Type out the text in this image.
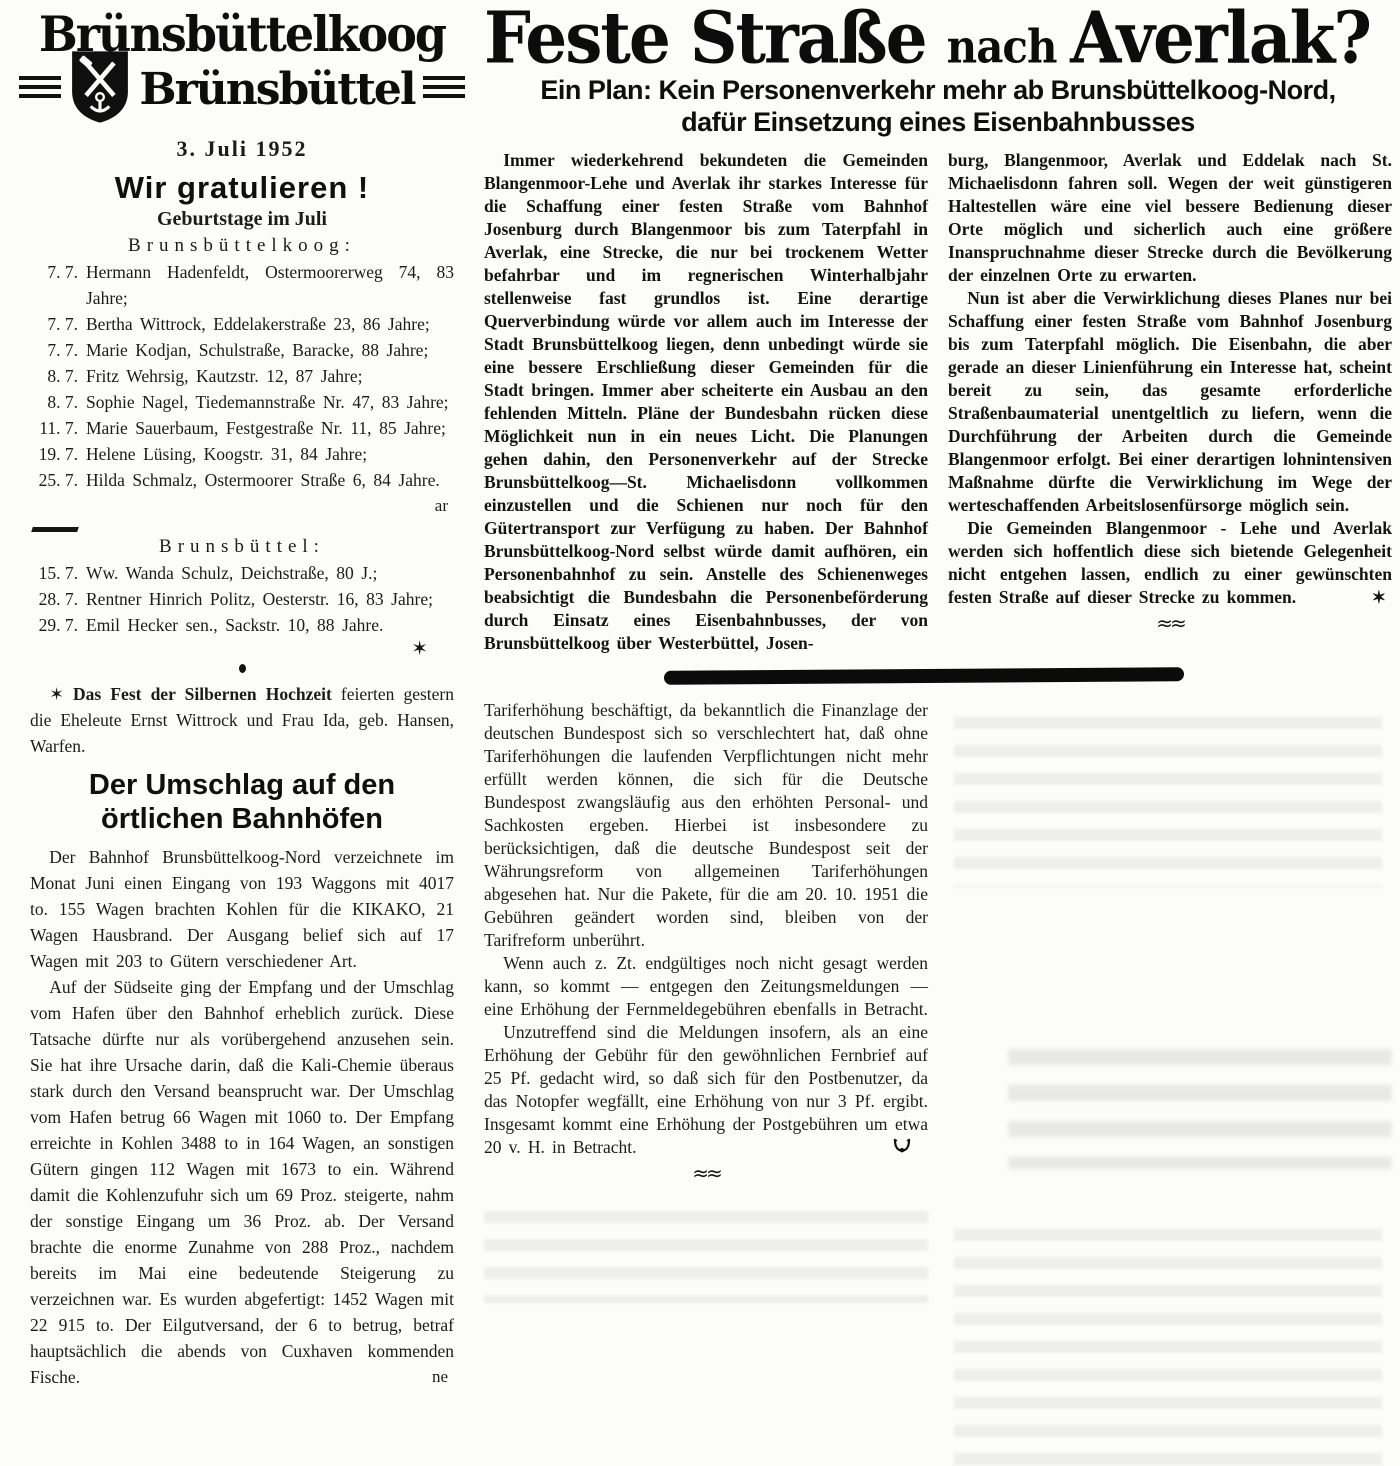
Brünsbüttelkoog
Brünsbüttel
3. Juli 1952
Wir gratulieren !
Geburtstage im Juli
Brunsbüttelkoog:
7. 7. Hermann Hadenfeldt, Ostermoorerweg 74, 83 Jahre;
7. 7. Bertha Wittrock, Eddelakerstraße 23, 86 Jahre;
7. 7. Marie Kodjan, Schulstraße, Baracke, 88 Jahre;
8. 7. Fritz Wehrsig, Kautzstr. 12, 87 Jahre;
8. 7. Sophie Nagel, Tiedemannstraße Nr. 47, 83 Jahre;
11. 7. Marie Sauerbaum, Festgestraße Nr. 11, 85 Jahre;
19. 7. Helene Lüsing, Koogstr. 31, 84 Jahre;
25. 7. Hilda Schmalz, Ostermoorer Straße 6, 84 Jahre.
ar
Brunsbüttel:
15. 7. Ww. Wanda Schulz, Deichstraße, 80 J.;
28. 7. Rentner Hinrich Politz, Oesterstr. 16, 83 Jahre;
29. 7. Emil Hecker sen., Sackstr. 10, 88 Jahre.
✶

✶ Das Fest der Silbernen Hochzeit feierten gestern die Eheleute Ernst Wittrock und Frau Ida, geb. Hansen, Warfen.

Der Umschlag auf den
örtlichen Bahnhöfen

Der Bahnhof Brunsbüttelkoog-Nord verzeichnete im Monat Juni einen Eingang von 193 Waggons mit 4017 to. 155 Wagen brachten Kohlen für die KIKAKO, 21 Wagen Hausbrand. Der Ausgang belief sich auf 17 Wagen mit 203 to Gütern verschiedener Art.

Auf der Südseite ging der Empfang und der Umschlag vom Hafen über den Bahnhof erheblich zurück. Diese Tatsache dürfte nur als vorübergehend anzusehen sein. Sie hat ihre Ursache darin, daß die Kali-Chemie überaus stark durch den Versand beansprucht war. Der Umschlag vom Hafen betrug 66 Wagen mit 1060 to. Der Empfang erreichte in Kohlen 3488 to in 164 Wagen, an sonstigen Gütern gingen 112 Wagen mit 1673 to ein. Während damit die Kohlenzufuhr sich um 69 Proz. steigerte, nahm der sonstige Eingang um 36 Proz. ab. Der Versand brachte die enorme Zunahme von 288 Proz., nachdem bereits im Mai eine bedeutende Steigerung zu verzeichnen war. Es wurden abgefertigt: 1452 Wagen mit 22 915 to. Der Eilgutversand, der 6 to betrug, betraf hauptsächlich die abends von Cuxhaven kommenden Fische.	ne

Feste Straße nach Averlak?
Ein Plan: Kein Personenverkehr mehr ab Brunsbüttelkoog-Nord,
dafür Einsetzung eines Eisenbahnbusses

Immer wiederkehrend bekundeten die Gemeinden Blangenmoor-Lehe und Averlak ihr starkes Interesse für die Schaffung einer festen Straße vom Bahnhof Josenburg durch Blangenmoor bis zum Taterpfahl in Averlak, eine Strecke, die nur bei trockenem Wetter befahrbar und im regnerischen Winterhalbjahr stellenweise fast grundlos ist. Eine derartige Querverbindung würde vor allem auch im Interesse der Stadt Brunsbüttelkoog liegen, denn unbedingt würde sie eine bessere Erschließung dieser Gemeinden für die Stadt bringen. Immer aber scheiterte ein Ausbau an den fehlenden Mitteln. Pläne der Bundesbahn rücken diese Möglichkeit nun in ein neues Licht. Die Planungen gehen dahin, den Personenverkehr auf der Strecke Brunsbüttelkoog—St. Michaelisdonn vollkommen einzustellen und die Schienen nur noch für den Gütertransport zur Verfügung zu haben. Der Bahnhof Brunsbüttelkoog-Nord selbst würde damit aufhören, ein Personenbahnhof zu sein. Anstelle des Schienenweges beabsichtigt die Bundesbahn die Personenbeförderung durch Einsatz eines Eisenbahnbusses, der von Brunsbüttelkoog über Westerbüttel, Josen-

burg, Blangenmoor, Averlak und Eddelak nach St. Michaelisdonn fahren soll. Wegen der weit günstigeren Haltestellen wäre eine viel bessere Bedienung dieser Orte möglich und sicherlich auch eine größere Inanspruchnahme dieser Strecke durch die Bevölkerung der einzelnen Orte zu erwarten.

Nun ist aber die Verwirklichung dieses Planes nur bei Schaffung einer festen Straße vom Bahnhof Josenburg bis zum Taterpfahl möglich. Die Eisenbahn, die aber gerade an dieser Linienführung ein Interesse hat, scheint bereit zu sein, das gesamte erforderliche Straßenbaumaterial unentgeltlich zu liefern, wenn die Durchführung der Arbeiten durch die Gemeinde Blangenmoor erfolgt. Bei einer derartigen lohnintensiven Maßnahme dürfte die Verwirklichung im Wege der werteschaffenden Arbeitslosenfürsorge möglich sein.

Die Gemeinden Blangenmoor - Lehe und Averlak werden sich hoffentlich diese sich bietende Gelegenheit nicht entgehen lassen, endlich zu einer gewünschten festen Straße auf dieser Strecke zu kommen.	✶

≈≈

Tariferhöhung beschäftigt, da bekanntlich die Finanzlage der deutschen Bundespost sich so verschlechtert hat, daß ohne Tariferhöhungen die laufenden Verpflichtungen nicht mehr erfüllt werden können, die sich für die Deutsche Bundespost zwangsläufig aus den erhöhten Personal- und Sachkosten ergeben. Hierbei ist insbesondere zu berücksichtigen, daß die deutsche Bundespost seit der Währungsreform von allgemeinen Tariferhöhungen abgesehen hat. Nur die Pakete, für die am 20. 10. 1951 die Gebühren geändert worden sind, bleiben von der Tarifreform unberührt.

Wenn auch z. Zt. endgültiges noch nicht gesagt werden kann, so kommt — entgegen den Zeitungsmeldungen — eine Erhöhung der Fernmeldegebühren ebenfalls in Betracht.

Unzutreffend sind die Meldungen insofern, als an eine Erhöhung der Gebühr für den gewöhnlichen Fernbrief auf 25 Pf. gedacht wird, so daß sich für den Postbenutzer, da das Notopfer wegfällt, eine Erhöhung von nur 3 Pf. ergibt. Insgesamt kommt eine Erhöhung der Postgebühren um etwa 20 v. H. in Betracht.

≈≈
